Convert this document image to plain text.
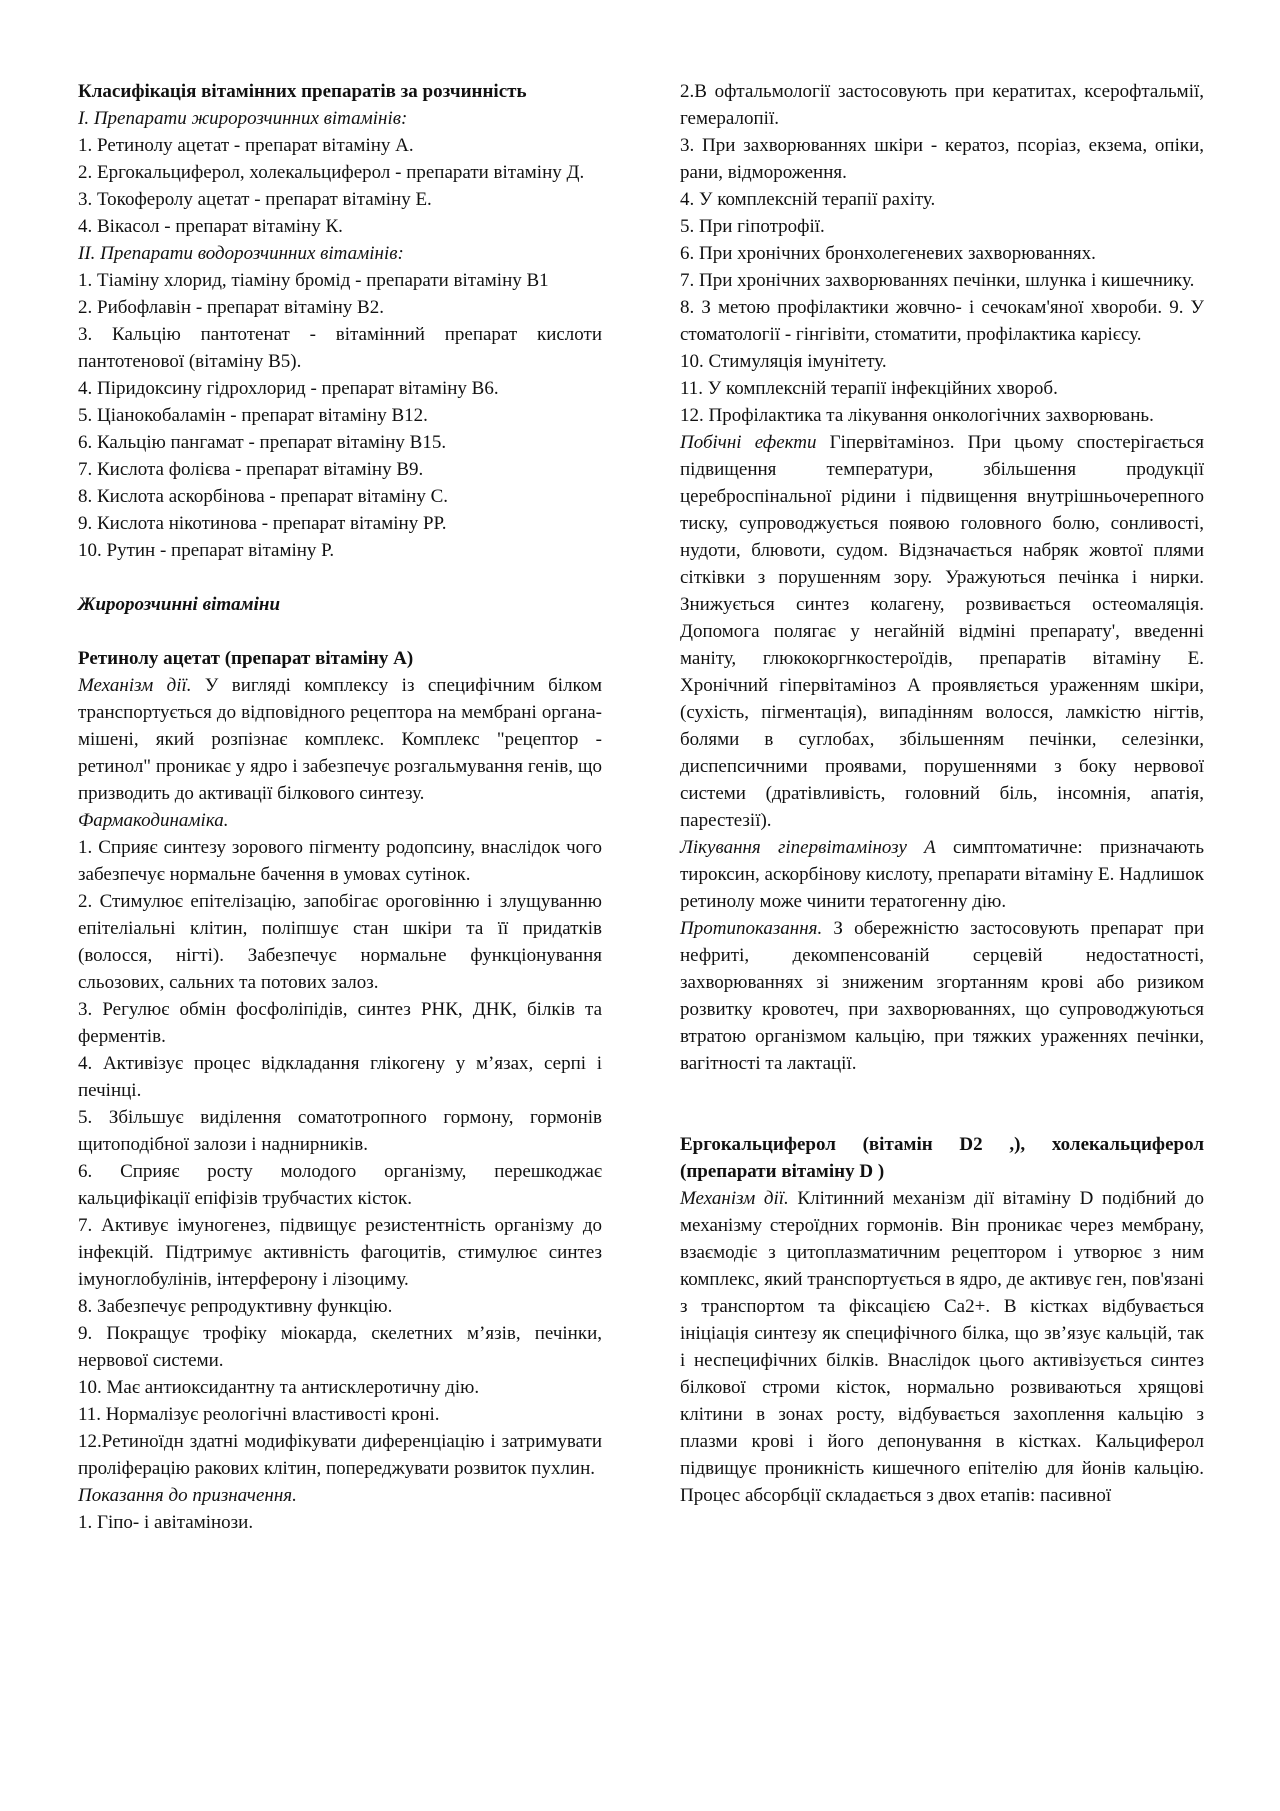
Класифікація вітамінних препаратів за розчинність

І. Препарати жиророзчинних вітамінів:

1. Ретинолу ацетат - препарат вітаміну А.

2. Ергокальциферол, холекальциферол - препарати вітаміну Д.

3. Токоферолу ацетат - препарат вітаміну Е.

4. Вікасол - препарат вітаміну К.

ІІ. Препарати водорозчинних вітамінів:

1. Тіаміну хлорид, тіаміну бромід - препарати вітаміну В1

2. Рибофлавін - препарат вітаміну В2.

3. Кальцію пантотенат - вітамінний препарат кислоти пантотенової (вітаміну В5).

4. Піридоксину гідрохлорид - препарат вітаміну В6.

5. Ціанокобаламін - препарат вітаміну В12.

6. Кальцію пангамат - препарат вітаміну В15.

7. Кислота фолієва - препарат вітаміну В9.

8. Кислота аскорбінова - препарат вітаміну С.

9. Кислота нікотинова - препарат вітаміну РР.

10. Рутин - препарат вітаміну Р.

Жиророзчинні вітаміни

Ретинолу ацетат (препарат вітаміну А)

Механізм дії. У вигляді комплексу із специфічним білком транспортується до відповідного рецептора на мембрані органа-мішені, який розпізнає комплекс. Комплекс "рецептор - ретинол" проникає у ядро і забезпечує розгальмування генів, що призводить до активації білкового синтезу.

Фармакодинаміка.

1. Сприяє синтезу зорового пігменту родопсину, внаслідок чого забезпечує нормальне бачення в умовах сутінок.

2. Стимулює епітелізацію, запобігає ороговінню і злущуванню епітеліальні клітин, поліпшує стан шкіри та її придатків (волосся, нігті). Забезпечує нормальне функціонування сльозових, сальних та потових залоз.

3. Регулює обмін фосфоліпідів, синтез РНК, ДНК, білків та ферментів.

4. Активізує процес відкладання глікогену у м’язах, серпі і печінці.

5. Збільшує виділення соматотропного гормону, гормонів щитоподібної залози і наднирників.

6. Сприяє росту молодого організму, перешкоджає кальцифікації епіфізів трубчастих кісток.

7. Активує імуногенез, підвищує резистентність організму до інфекцій. Підтримує активність фагоцитів, стимулює синтез імуноглобулінів, інтерферону і лізоциму.

8. Забезпечує репродуктивну функцію.

9. Покращує трофіку міокарда, скелетних м’язів, печінки, нервової системи.

10. Має антиоксидантну та антисклеротичну дію.

11. Нормалізує реологічні властивості кроні.

12.Ретиноїдн здатні модифікувати диференціацію і затримувати проліферацію ракових клітин, попереджувати розвиток пухлин.

Показання до призначення.

1. Гіпо- і авітамінози.

2.В офтальмології застосовують при кератитах, ксерофтальмії, гемералопії.

3. При захворюваннях шкіри - кератоз, псоріаз, екзема, опіки, рани, відмороження.

4. У комплексній терапії рахіту.

5. При гіпотрофії.

6. При хронічних бронхолегеневих захворюваннях.

7. При хронічних захворюваннях печінки, шлунка і кишечнику.

8. З метою профілактики жовчно- і сечокам'яної хвороби. 9. У стоматології - гінгівіти, стоматити, профілактика карієсу.

10. Стимуляція імунітету.

11. У комплексній терапії інфекційних хвороб.

12. Профілактика та лікування онкологічних захворювань.

Побічні ефекти Гіпервітаміноз. При цьому спостерігається підвищення температури, збільшення продукції цереброспінальної рідини і підвищення внутрішньочерепного тиску, супроводжується появою головного болю, сонливості, нудоти, блювоти, судом. Відзначається набряк жовтої плями сітківки з порушенням зору. Уражуються печінка і нирки. Знижується синтез колагену, розвивається остеомаляція. Допомога полягає у негайній відміні препарату', введенні маніту, глюкокоргнкостероїдів, препаратів вітаміну Е. Хронічний гіпервітаміноз А проявляється ураженням шкіри, (сухість, пігментація), випадінням волосся, ламкістю нігтів, болями в суглобах, збільшенням печінки, селезінки, диспепсичними проявами, порушеннями з боку нервової системи (дратівливість, головний біль, інсомнія, апатія, парестезії).

Лікування гіпервітамінозу А симптоматичне: призначають тироксин, аскорбінову кислоту, препарати вітаміну Е. Надлишок ретинолу може чинити тератогенну дію.

Протипоказання. З обережністю застосовують препарат при нефриті, декомпенсованій серцевій недостатності, захворюваннях зі зниженим згортанням крові або ризиком розвитку кровотеч, при захворюваннях, що супроводжуються втратою організмом кальцію, при тяжких ураженнях печінки, вагітності та лактації.

Ергокальциферол (вітамін D2 ,), холекальциферол (препарати вітаміну D )

Механізм дії. Клітинний механізм дії вітаміну D подібний до механізму стероїдних гормонів. Він проникає через мембрану, взаємодіє з цитоплазматичним рецептором і утворює з ним комплекс, який транспортується в ядро, де активує ген, пов'язані з транспортом та фіксацією Са2+. В кістках відбувається ініціація синтезу як специфічного білка, що зв’язує кальцій, так і неспецифічних білків. Внаслідок цього активізується синтез білкової строми кісток, нормально розвиваються хрящові клітини в зонах росту, відбувається захоплення кальцію з плазми крові і його депонування в кістках. Кальциферол підвищує проникність кишечного епітелію для йонів кальцію. Процес абсорбції складається з двох етапів: пасивної
